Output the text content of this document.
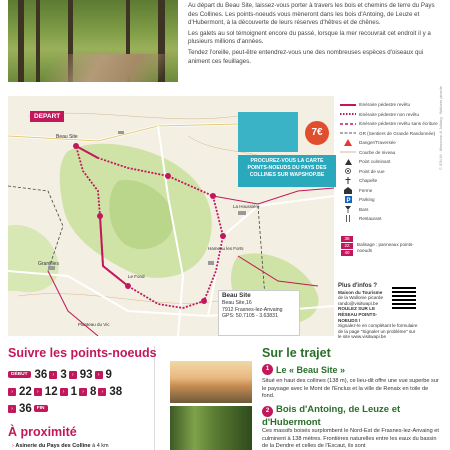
Au départ du Beau Site, laissez-vous porter à travers les bois et chemins de terre du Pays des Collines. Les points-noeuds vous mèneront dans les bois d'Antoing, de Leuze et d'Hubermont, à la découverte de leurs réserves d'hêtres et de chênes.

Les galets au sol témoignent encore du passé, lorsque la mer recouvrait cet endroit il y a plusieurs millions d'années.

Tendez l'oreille, peut-être entendrez-vous une des nombreuses espèces d'oiseaux qui animent ces feuillages.

Beau Site
Granillies
Hameau les Forts
La Houssière
Le Fond
Planteau du Vic
DEPART
7€
PROCUREZ-VOUS LA CARTE POINTS-NOEUDS DU PAYS DES COLLINES SUR WAPSHOP.BE
Beau Site
Beau Site,16
7912 Frasnes-lez-Anvaing
GPS: 50.7105 - 3.63831
Itinéraire pédestre revêtu
Itinéraire pédestre non revêtu
Itinéraire pédestre revêtu sans écriture
GR (Sentiers de Grande Randonnée)
Danger/Traversée
Courbe de niveau
Point culminant
Point de vue
Chapelle
Ferme
P Parking
Bars
Restaurant
36
22
40
Balisage : panneaux points-noeuds
Plus d'infos ?
Maison du Tourisme
de la Wallonie picarde
rando@visitwapi.be
ROULEZ SUR LE RÉSEAU POINTS-NOEUDS !
Signalez-le en complétant le formulaire de la page "Signaler un problème" sur le site www.visitwapi.be
© IGN-Nl · Mouscron & Jolbarg · Wallonie picarde
Suivre les points-noeuds
DÉBUT 36 › 3 › 93 › 9
› 22 › 12 › 1 › 8 › 38
› 36	FIN
À proximité
› Asinerie du Pays des Colline à 4 km
Sur le trajet
1 Le « Beau Site »
Situé en haut des collines (138 m), ce lieu-dit offre une vue superbe sur le paysage avec le Mont de l'Enclus et la ville de Renaix en toile de fond.
2 Bois d'Antoing, de Leuze et d'Hubermont
Ces massifs boisés surplombent le Nord-Est de Frasnes-lez-Anvaing et culminent à 138 mètres. Frontières naturelles entre les eaux du bassin de la Dendre et celles de l'Escaut, ils sont
